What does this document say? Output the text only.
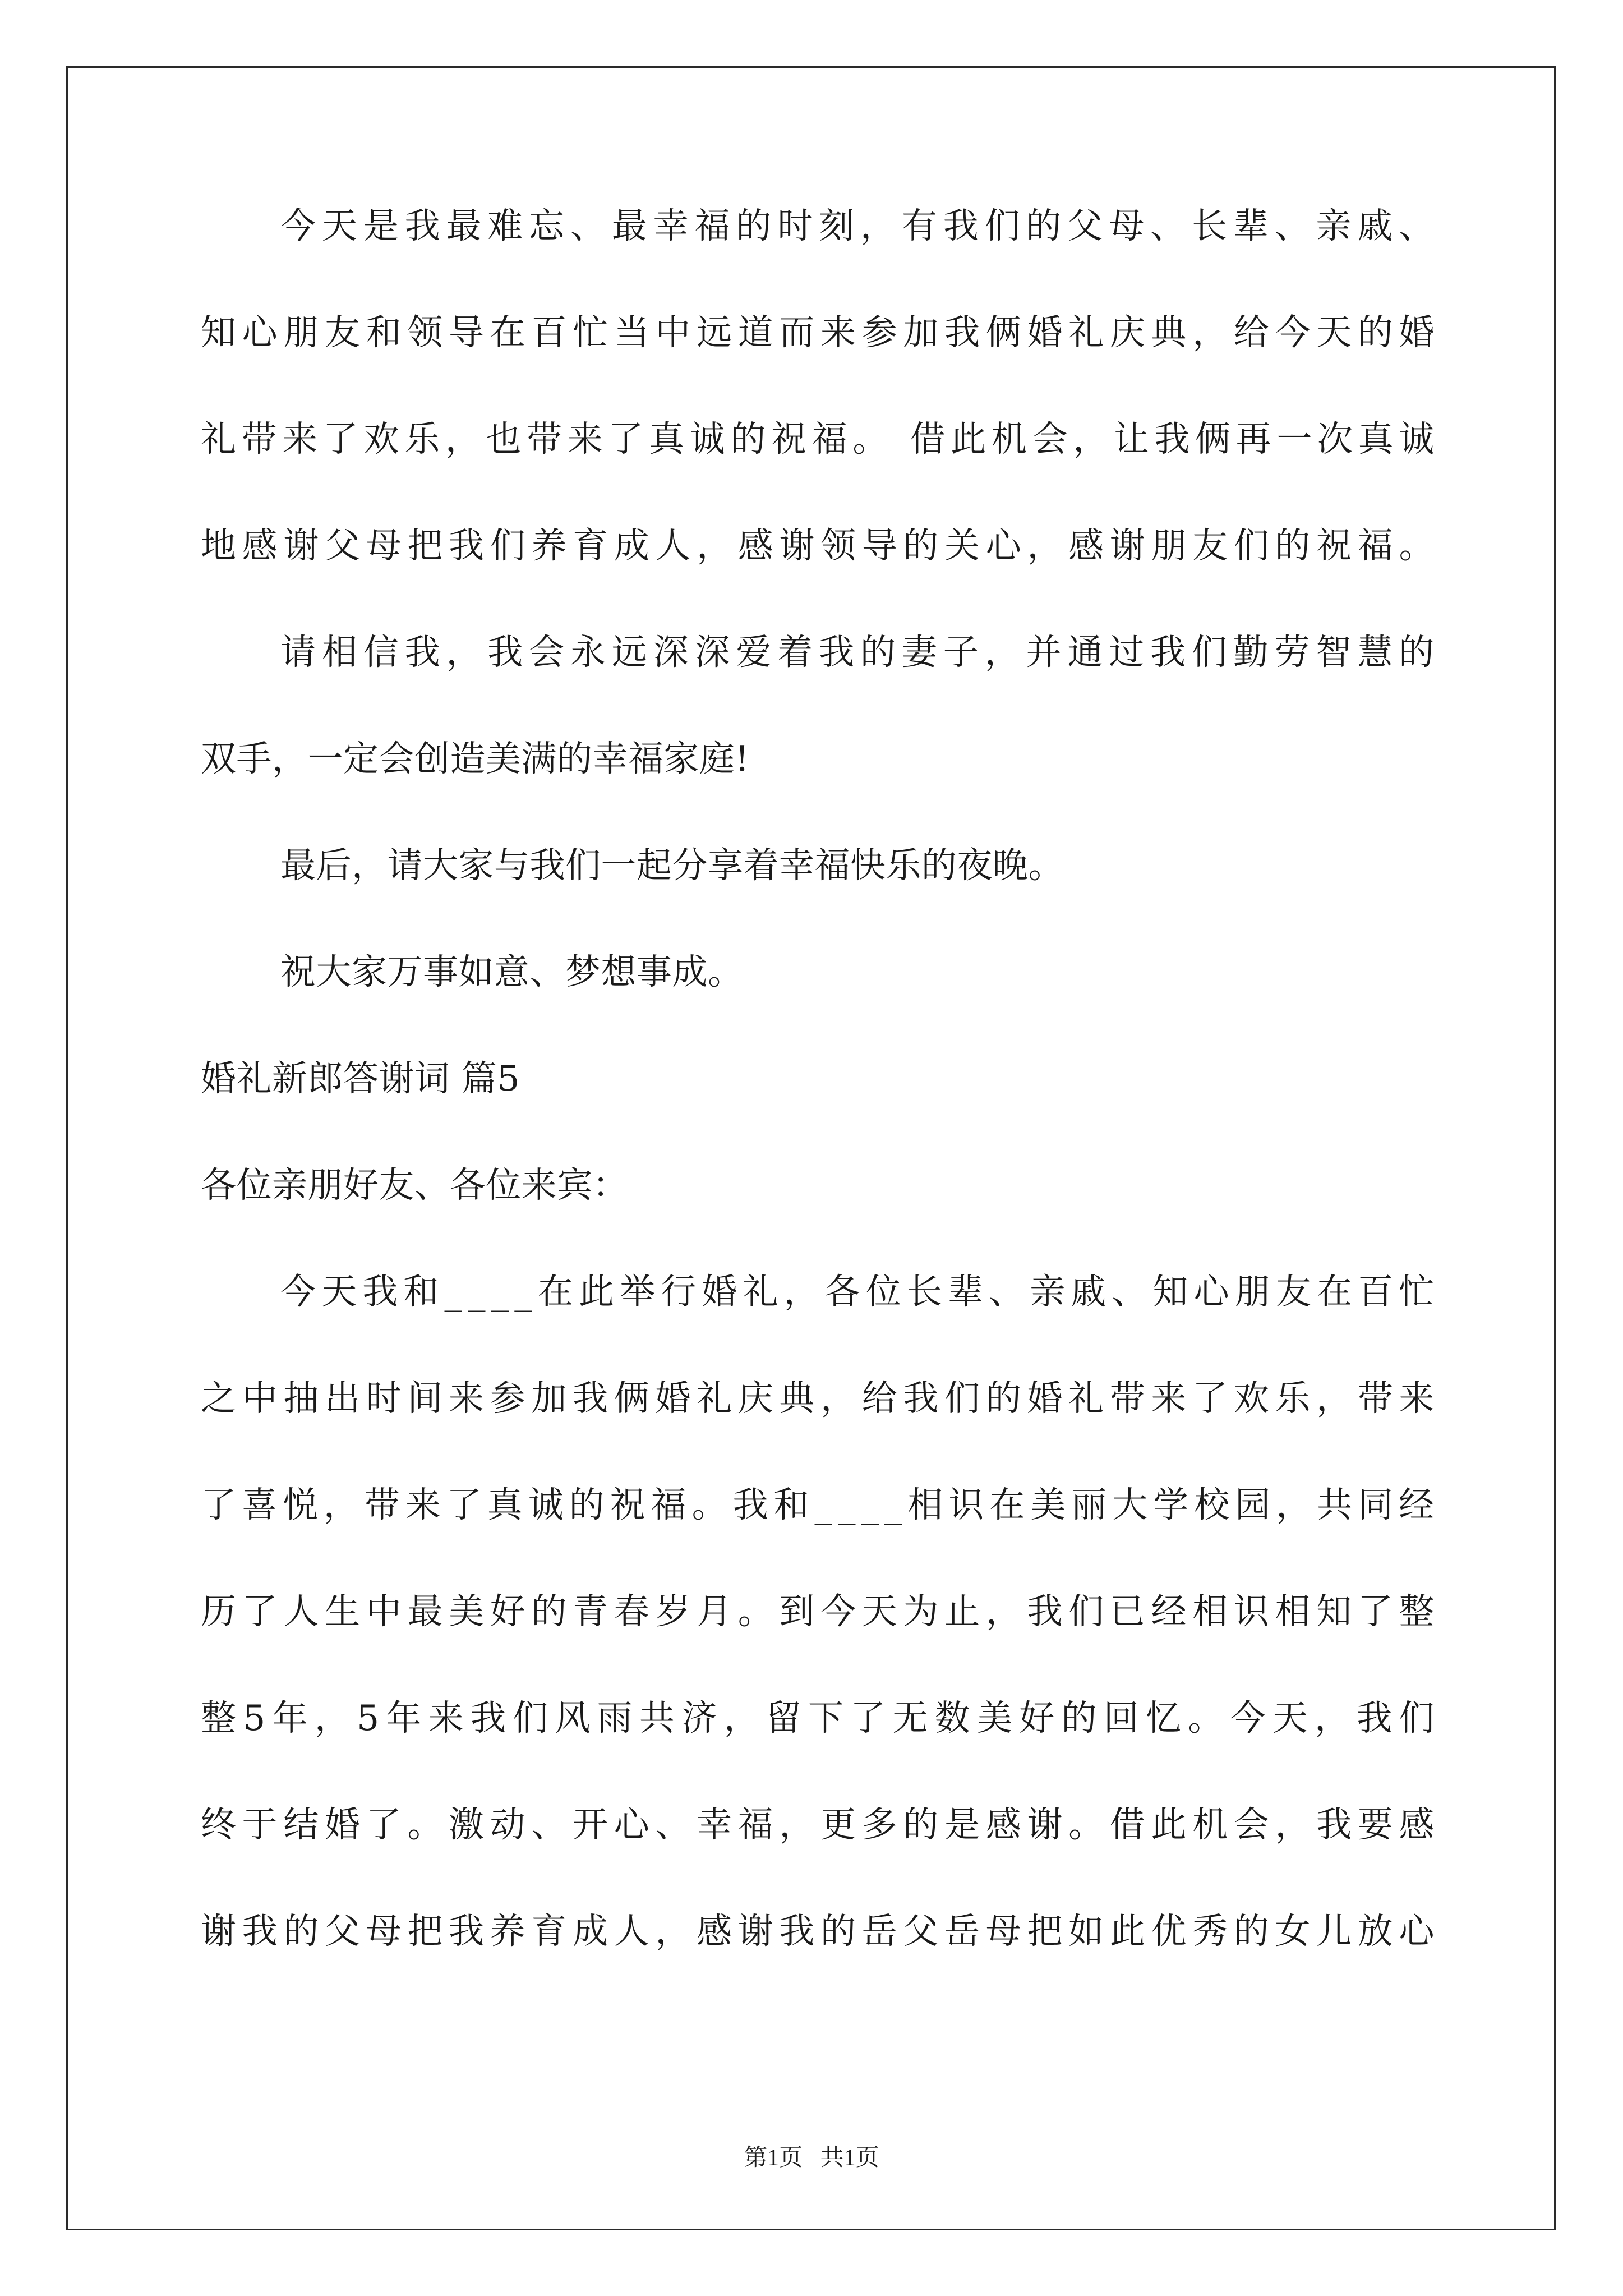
今 天 是 我 最 难 忘 、 最 幸 福 的 时 刻 ， 有 我 们 的 父 母 、 长 辈 、 亲 戚 、
知 心 朋 友 和 领 导 在 百 忙 当 中 远 道 而 来 参 加 我 俩 婚 礼 庆 典 ， 给 今 天 的 婚
礼 带 来 了 欢 乐 ， 也 带 来 了 真 诚 的 祝 福 。
借 此 机 会 ， 让 我 俩 再 一 次 真 诚
地 感 谢 父 母 把 我 们 养 育 成 人 ， 感 谢 领 导 的 关 心 ， 感 谢 朋 友 们 的 祝 福 。
请 相 信 我 ， 我 会 永 远 深 深 爱 着 我 的 妻 子 ， 并 通 过 我 们 勤 劳 智 慧 的
双手，一定会创造美满的幸福家庭!
最后，请大家与我们一起分享着幸福快乐的夜晚。
祝大家万事如意、梦想事成。
婚礼新郎答谢词 篇5
各位亲朋好友、各位来宾：
今 天 我 和 _ _ _ _ 在 此 举 行 婚 礼 ， 各 位 长 辈 、 亲 戚 、 知 心 朋 友 在 百 忙
之 中 抽 出 时 间 来 参 加 我 俩 婚 礼 庆 典 ， 给 我 们 的 婚 礼 带 来 了 欢 乐 ， 带 来
了 喜 悦 ， 带 来 了 真 诚 的 祝 福 。 我 和 _ _ _ _ 相 识 在 美 丽 大 学 校 园 ， 共 同 经
历 了 人 生 中 最 美 好 的 青 春 岁 月 。 到 今 天 为 止 ， 我 们 已 经 相 识 相 知 了 整
整 5 年 ， 5 年 来 我 们 风 雨 共 济 ， 留 下 了 无 数 美 好 的 回 忆 。 今 天 ， 我 们
终 于 结 婚 了 。 激 动 、 开 心 、 幸 福 ， 更 多 的 是 感 谢 。 借 此 机 会 ， 我 要 感
谢 我 的 父 母 把 我 养 育 成 人 ， 感 谢 我 的 岳 父 岳 母 把 如 此 优 秀 的 女 儿 放 心
第1页   共1页
